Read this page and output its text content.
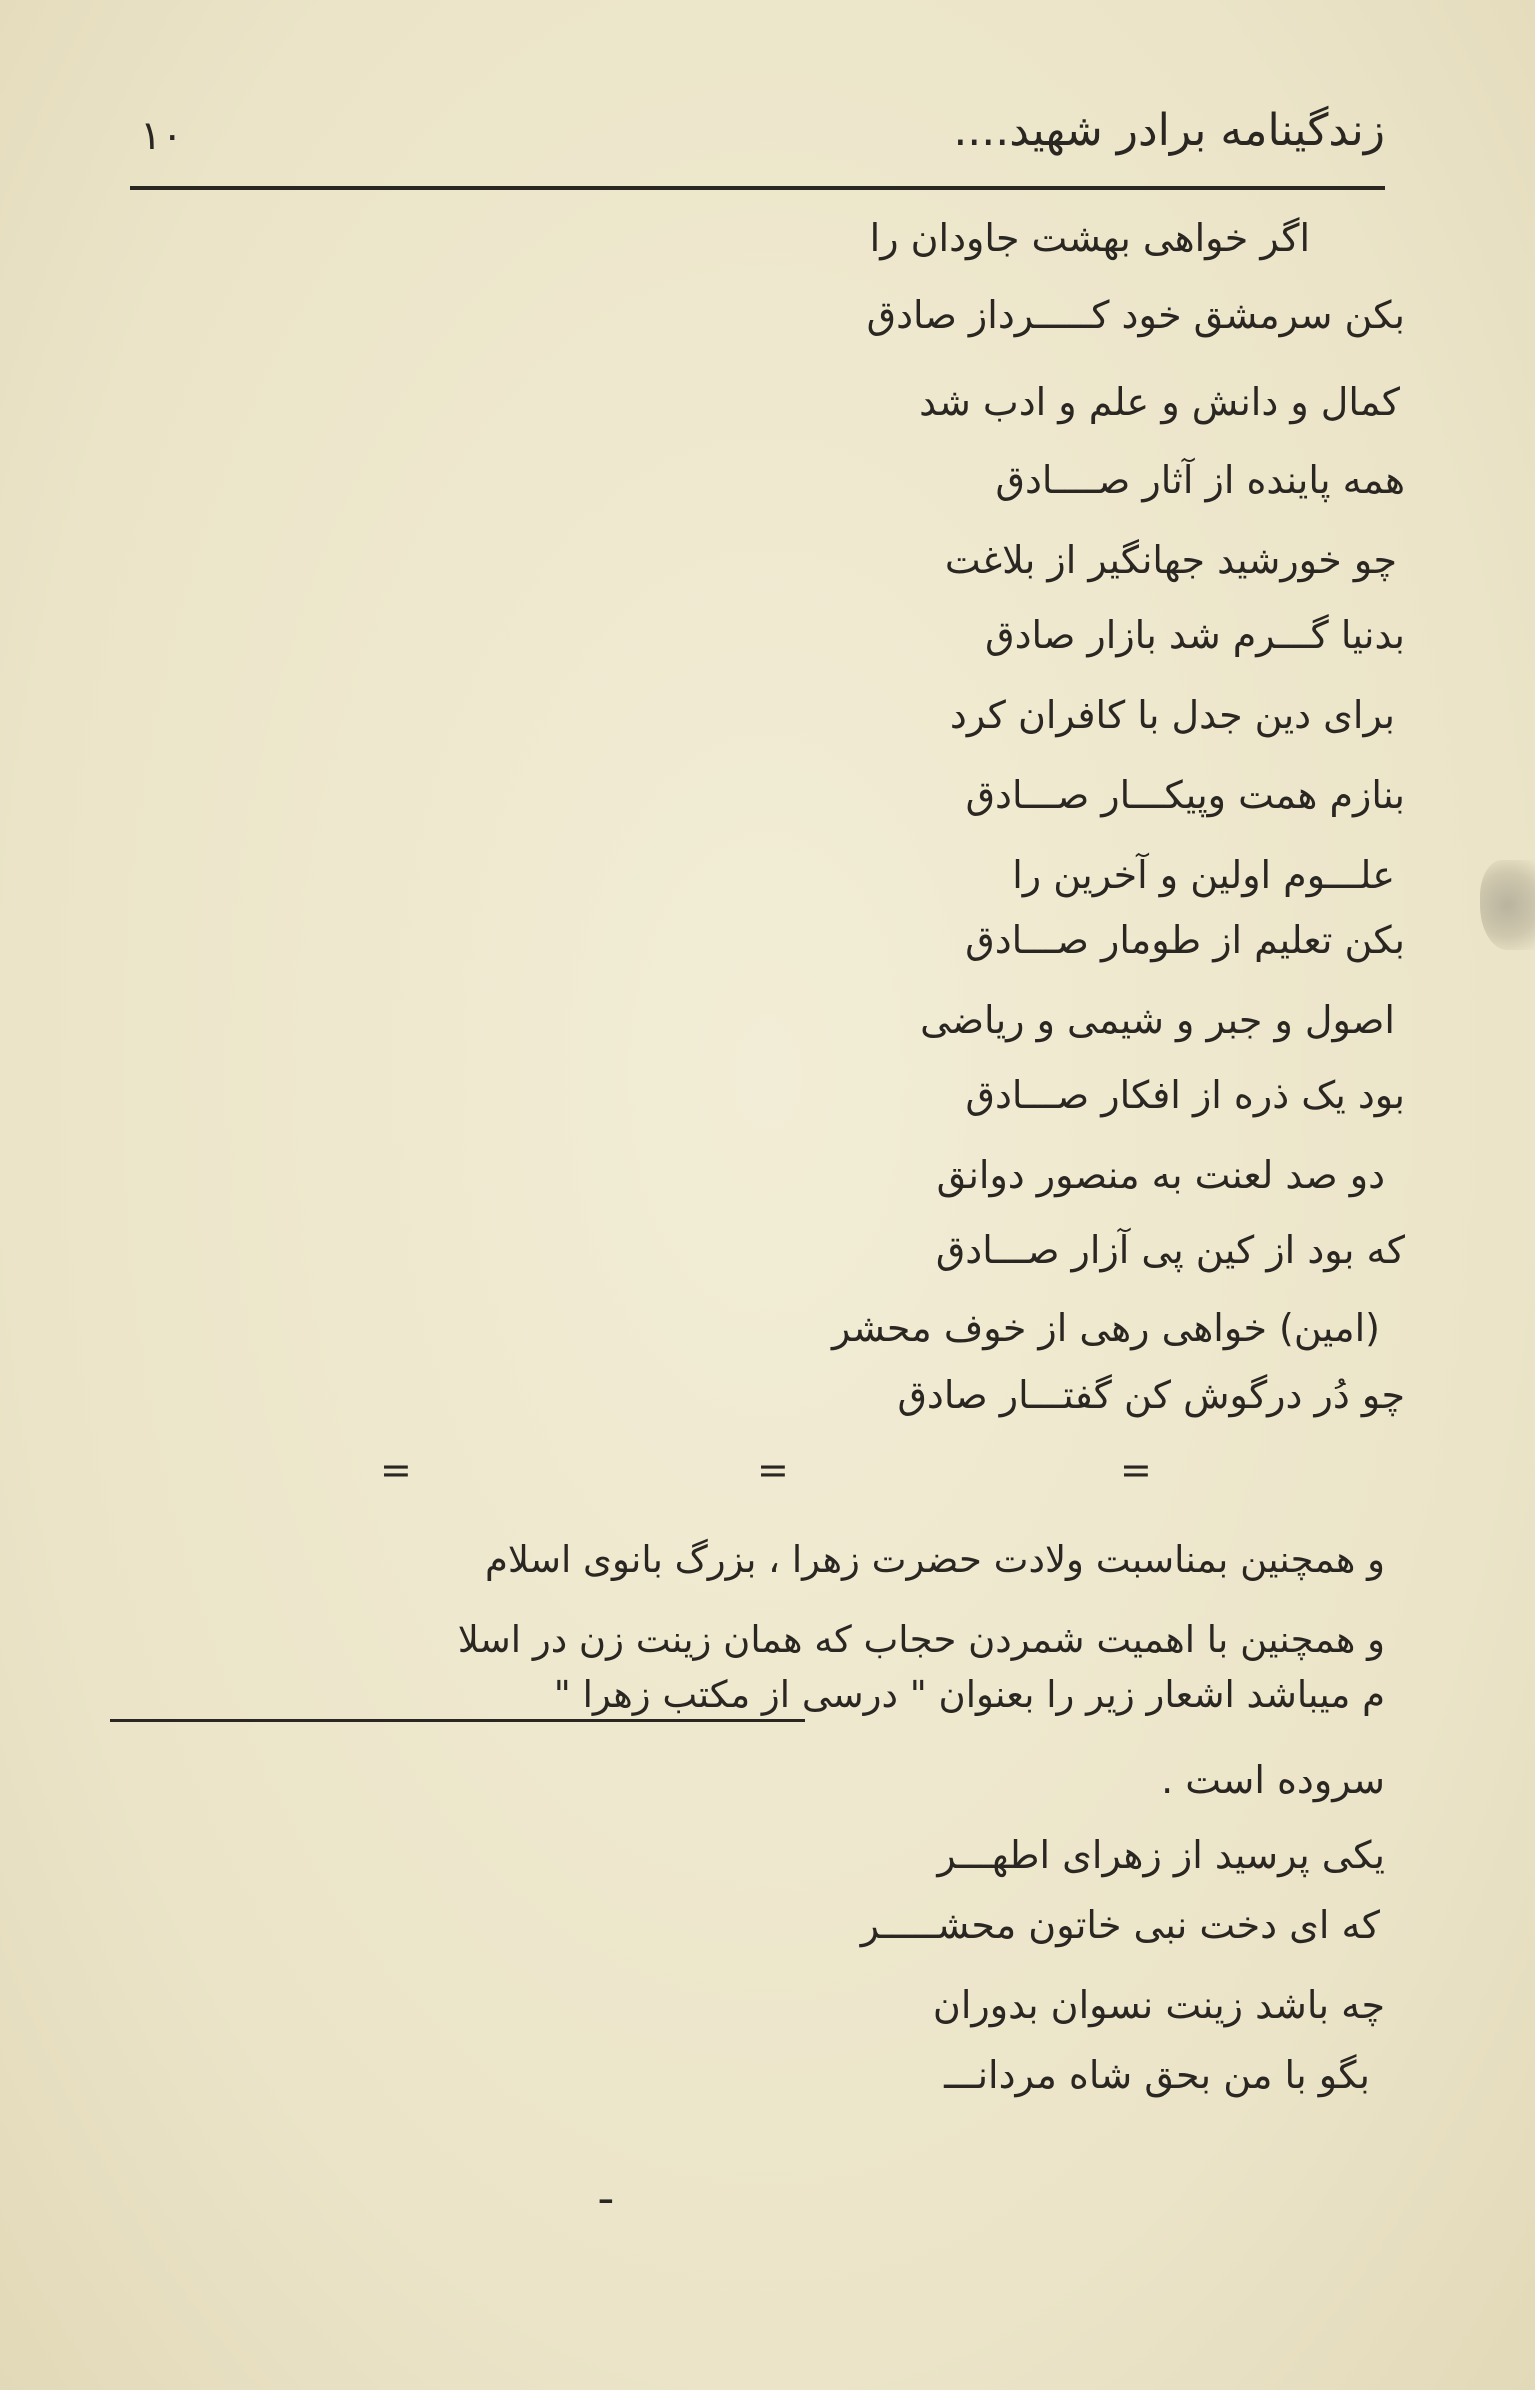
زندگینامه برادر شهید....
۱۰
اگر خواهی بهشت جاودان را
بکن سرمشق خود کـــــرداز صادق
کمال و دانش و علم و ادب شد
همه پاینده از آثار صــــادق
چو خورشید جهانگیر از بلاغت
بدنیا گـــرم شد بازار صادق
برای دین جدل با کافران کرد
بنازم همت وپیکـــار صـــادق
علـــوم اولین و آخرین را
بکن تعلیم از طومار صـــادق
اصول و جبر و شیمی و ریاضی
بود یک ذره از افکار صـــادق
دو صد لعنت به منصور دوانق
که بود از کین پی آزار صـــادق
(امین) خواهی رهی از خوف محشر
چو دُر درگوش کن گفتـــار صادق
=	=	=
و همچنین بمناسبت ولادت حضرت زهرا ، بزرگ بانوی اسلام
و همچنین با اهمیت شمردن حجاب که همان زینت زن در اسلا
م میباشد اشعار زیر را بعنوان " درسی از مکتب زهرا "
سروده است .
یکی پرسید از زهرای اطهـــر
که ای دخت نبی خاتون محشـــــر
چه باشد زینت نسوان بدوران
بگو با من بحق شاه مردانـــ
ـ
